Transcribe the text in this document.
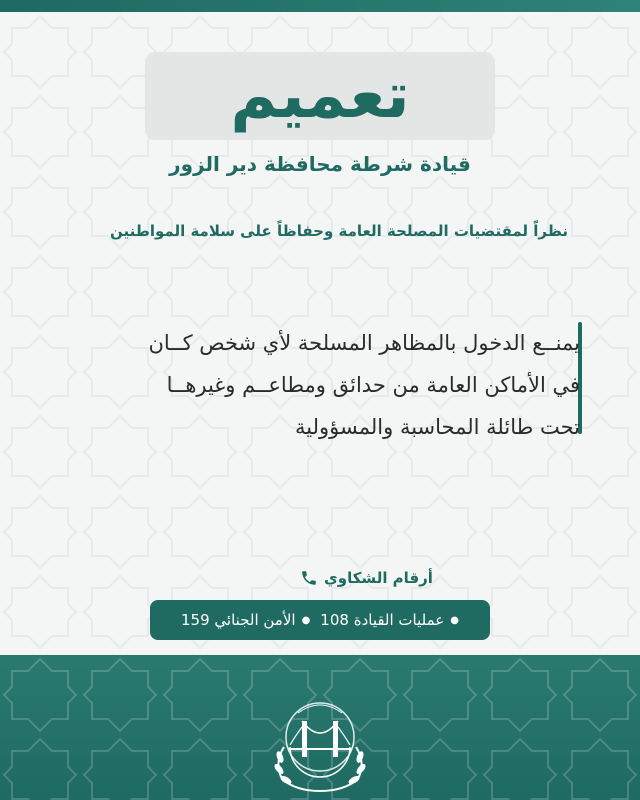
تعميم
قيادة شرطة محافظة دير الزور
نظراً لمقتضيات المصلحة العامة وحفاظاً على سلامة المواطنين
يمنــع الدخول بالمظاهر المسلحة لأي شخص كــان
في الأماكن العامة من حدائق ومطاعــم وغيرهــا
تحت طائلة المحاسبة والمسؤولية
أرقام الشكاوي
●
عمليات القيادة 108
●
الأمن الجنائي 159
